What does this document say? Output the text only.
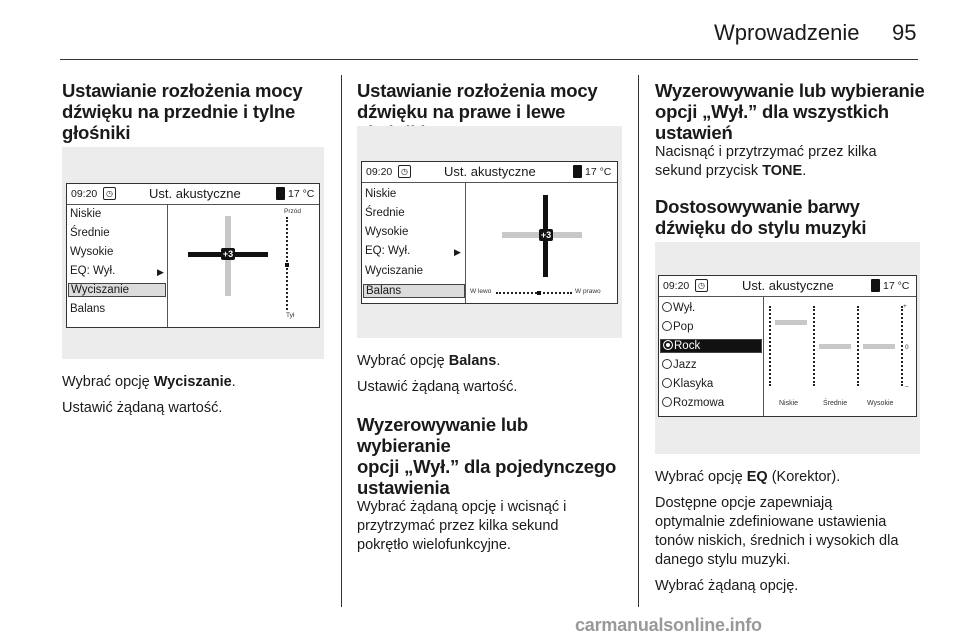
Wprowadzenie 95
Ustawianie rozłożenia mocy
dźwięku na przednie i tylne
głośniki
09:20	◷	Ust. akustyczne	17 °C
Niskie
Średnie
Wysokie
EQ: Wył.	▶
Wyciszanie
Balans
+3
Przód
Tył

Wybrać opcję Wyciszanie.

Ustawić żądaną wartość.

Ustawianie rozłożenia mocy
dźwięku na prawe i lewe
09:20	◷	Ust. akustyczne	17 °C
Niskie
Średnie
Wysokie
EQ: Wył.	▶
Wyciszanie
Balans
+3
W lewo	W prawo

Wybrać opcję Balans.

Ustawić żądaną wartość.

Wyzerowywanie lub wybieranie
opcji „Wył.” dla pojedynczego
ustawienia

Wybrać żądaną opcję i wcisnąć i
przytrzymać przez kilka sekund
pokrętło wielofunkcyjne.

Wyzerowywanie lub wybieranie
opcji „Wył.” dla wszystkich
ustawień

Nacisnąć i przytrzymać przez kilka
sekund przycisk TONE.

Dostosowywanie barwy
dźwięku do stylu muzyki
09:20	◷	Ust. akustyczne	17 °C
Wył.
Pop
Rock
Jazz
Klasyka
Rozmowa
+
0
–
Niskie	Średnie	Wysokie

Wybrać opcję EQ (Korektor).

Dostępne opcje zapewniają
optymalnie zdefiniowane ustawienia
tonów niskich, średnich i wysokich dla
danego stylu muzyki.

Wybrać żądaną opcję.

carmanualsonline.info
